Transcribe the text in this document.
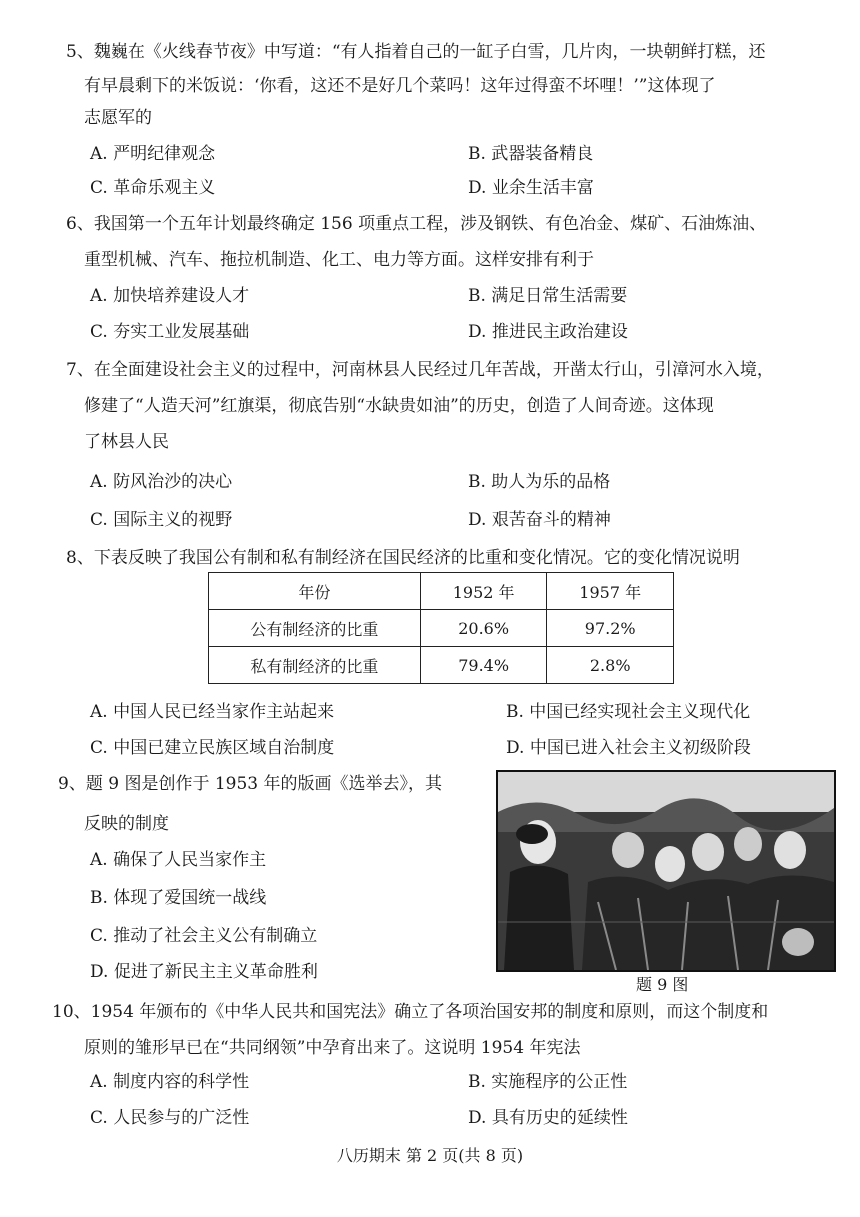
5、魏巍在《火线春节夜》中写道：“有人指着自己的一缸子白雪，几片肉，一块朝鲜打糕，还
有早晨剩下的米饭说：‘你看，这还不是好几个菜吗！这年过得蛮不坏哩！’”这体现了
志愿军的
A. 严明纪律观念	B. 武器装备精良
C. 革命乐观主义	D. 业余生活丰富
6、我国第一个五年计划最终确定 156 项重点工程，涉及钢铁、有色冶金、煤矿、石油炼油、
重型机械、汽车、拖拉机制造、化工、电力等方面。这样安排有利于
A. 加快培养建设人才	B. 满足日常生活需要
C. 夯实工业发展基础	D. 推进民主政治建设
7、在全面建设社会主义的过程中，河南林县人民经过几年苦战，开凿太行山，引漳河水入境，
修建了“人造天河”红旗渠，彻底告别“水缺贵如油”的历史，创造了人间奇迹。这体现
了林县人民
A. 防风治沙的决心	B. 助人为乐的品格
C. 国际主义的视野	D. 艰苦奋斗的精神
8、下表反映了我国公有制和私有制经济在国民经济的比重和变化情况。它的变化情况说明
年份	1952 年	1957 年
公有制经济的比重	20.6%	97.2%
私有制经济的比重	79.4%	2.8%
A. 中国人民已经当家作主站起来	B. 中国已经实现社会主义现代化
C. 中国已建立民族区域自治制度	D. 中国已进入社会主义初级阶段
9、题 9 图是创作于 1953 年的版画《选举去》，其
反映的制度
A. 确保了人民当家作主
B. 体现了爱国统一战线
C. 推动了社会主义公有制确立
D. 促进了新民主主义革命胜利
题 9 图
10、1954 年颁布的《中华人民共和国宪法》确立了各项治国安邦的制度和原则，而这个制度和
原则的雏形早已在“共同纲领”中孕育出来了。这说明 1954 年宪法
A. 制度内容的科学性	B. 实施程序的公正性
C. 人民参与的广泛性	D. 具有历史的延续性
八历期末 第 2 页(共 8 页)
